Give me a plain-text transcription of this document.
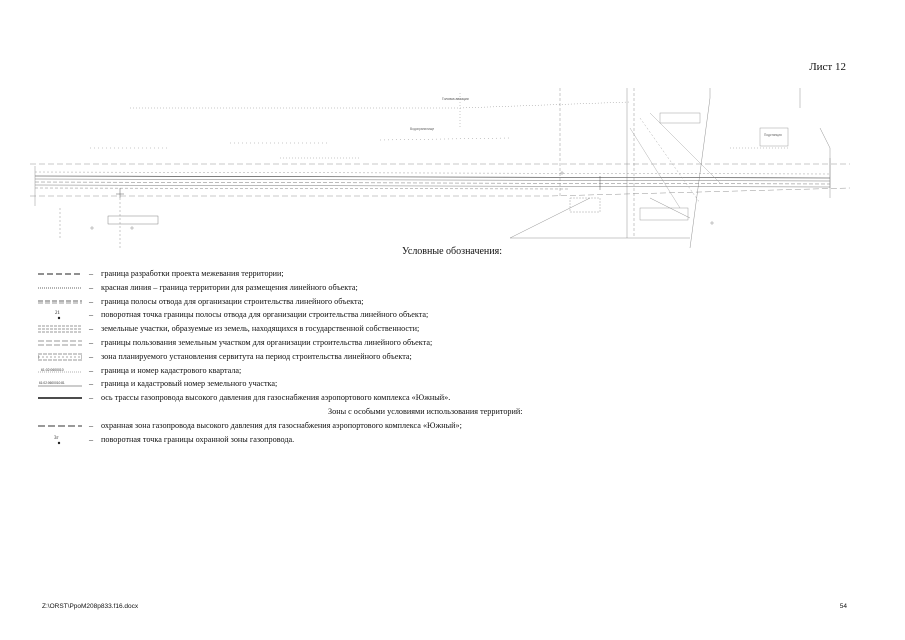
Лист 12
Головка авиации
Водохранилище
Подстанция
Условные обозначения:
– граница разработки проекта межевания территории;
– красная линия – граница территории для размещения линейного объекта;
– граница полосы отвода для организации строительства линейного объекта;
21	– поворотная точка границы полосы отвода для организации строительства линейного объекта;
– земельные участки, образуемые из земель, находящихся в государственной собственности;
– границы пользования земельным участком для организации строительства линейного объекта;
– зона планируемого установления сервитута на период строительства линейного объекта;
61:02:0600010	– граница и номер кадастрового квартала;
61:02:0600010:81	– граница и кадастровый номер земельного участка;
– ось трассы газопровода высокого давления для газоснабжения аэропортового комплекса «Южный».
Зоны с особыми условиями использования территорий:
– охранная зона газопровода высокого давления для газоснабжения аэропортового комплекса «Южный»;
3г	– поворотная точка границы охранной зоны газопровода.
Z:\ORST\PpoM208p833.f16.docx	54
